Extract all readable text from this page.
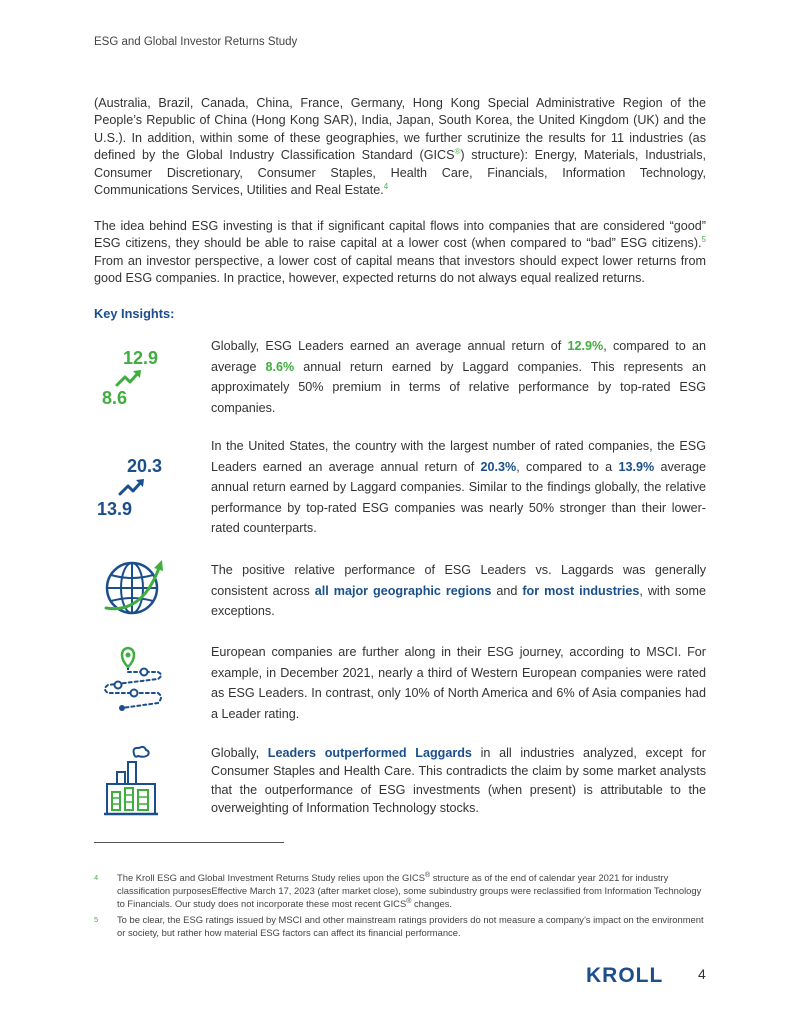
ESG and Global Investor Returns Study

(Australia, Brazil, Canada, China, France, Germany, Hong Kong Special Administrative Region of the People’s Republic of China (Hong Kong SAR), India, Japan, South Korea, the United Kingdom (UK) and the U.S.). In addition, within some of these geographies, we further scrutinize the results for 11 industries (as defined by the Global Industry Classification Standard (GICS®) structure): Energy, Materials, Industrials, Consumer Discretionary, Consumer Staples, Health Care, Financials, Information Technology, Communications Services, Utilities and Real Estate.$^4$

The idea behind ESG investing is that if significant capital flows into companies that are considered “good” ESG citizens, they should be able to raise capital at a lower cost (when compared to “bad” ESG citizens).$^5$ From an investor perspective, a lower cost of capital means that investors should expect lower returns from good ESG companies. In practice, however, expected returns do not always equal realized returns.

Key Insights:
12.9
8.6

Globally, ESG Leaders earned an average annual return of 12.9%, compared to an average 8.6% annual return earned by Laggard companies. This represents an approximately 50% premium in terms of relative performance by top-rated ESG companies.

20.3
13.9

In the United States, the country with the largest number of rated companies, the ESG Leaders earned an average annual return of 20.3%, compared to a 13.9% average annual return earned by Laggard companies. Similar to the findings globally, the relative performance by top-rated ESG companies was nearly 50% stronger than their lower-rated counterparts.

The positive relative performance of ESG Leaders vs. Laggards was generally consistent across all major geographic regions and for most industries, with some exceptions.

European companies are further along in their ESG journey, according to MSCI. For example, in December 2021, nearly a third of Western European companies were rated as ESG Leaders. In contrast, only 10% of North America and 6% of Asia companies had a Leader rating.

Globally, Leaders outperformed Laggards in all industries analyzed, except for Consumer Staples and Health Care. This contradicts the claim by some market analysts that the outperformance of ESG investments (when present) is attributable to the overweighting of Information Technology stocks.

4 The Kroll ESG and Global Investment Returns Study relies upon the GICS® structure as of the end of calendar year 2021 for industry classification purposesEffective March 17, 2023 (after market close), some subindustry groups were reclassified from Information Technology to Financials. Our study does not incorporate these most recent GICS® changes.
5 To be clear, the ESG ratings issued by MSCI and other mainstream ratings providers do not measure a company’s impact on the environment or society, but rather how material ESG factors can affect its financial performance.
KROLL 4
